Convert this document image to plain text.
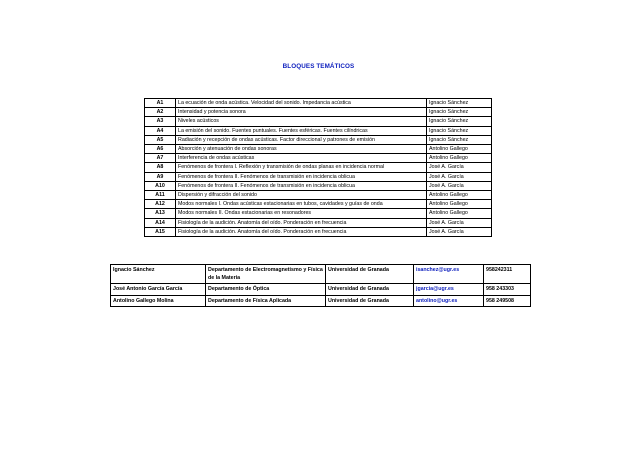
BLOQUES TEMÁTICOS
A1	La ecuación de onda acústica. Velocidad del sonido. Impedancia acústica	Ignacio Sánchez
A2	Intensidad y potencia sonora	Ignacio Sánchez
A3	Niveles acústicos	Ignacio Sánchez
A4	La emisión del sonido. Fuentes puntuales. Fuentes esféricas. Fuentes cilíndricas	Ignacio Sánchez
A5	Radiación y recepción de ondas acústicas. Factor direccional y patrones de emisión	Ignacio Sánchez
A6	Absorción y atenuación de ondas sonoras	Antolino Gallego
A7	Interferencia de ondas acústicas	Antolino Gallego
A8	Fenómenos de frontera I. Reflexión y transmisión de ondas planas en incidencia normal	José A. García
A9	Fenómenos de frontera II. Fenómenos de transmisión en incidencia oblicua	José A. García
A10	Fenómenos de frontera II. Fenómenos de transmisión en incidencia oblicua	José A. García
A11	Dispersión y difracción del sonido	Antolino Gallego
A12	Modos normales I. Ondas acústicas estacionarias en tubos, cavidades y guías de onda	Antolino Gallego
A13	Modos normales II. Ondas estacionarias en resonadores	Antolino Gallego
A14	Fisiología de la audición. Anatomía del oído. Ponderación en frecuencia	José A. García
A15	Fisiología de la audición. Anatomía del oído. Ponderación en frecuencia	José A. García
Ignacio Sánchez	Departamento de Electromagnetismo y Física de la Materia	Universidad de Granada	isanchez@ugr.es	958242311
José Antonio García García	Departamento de Óptica	Universidad de Granada	jgarcia@ugr.es	958 243303
Antolino Gallego Molina	Departamento de Física Aplicada	Universidad de Granada	antolino@ugr.es	958 249508
